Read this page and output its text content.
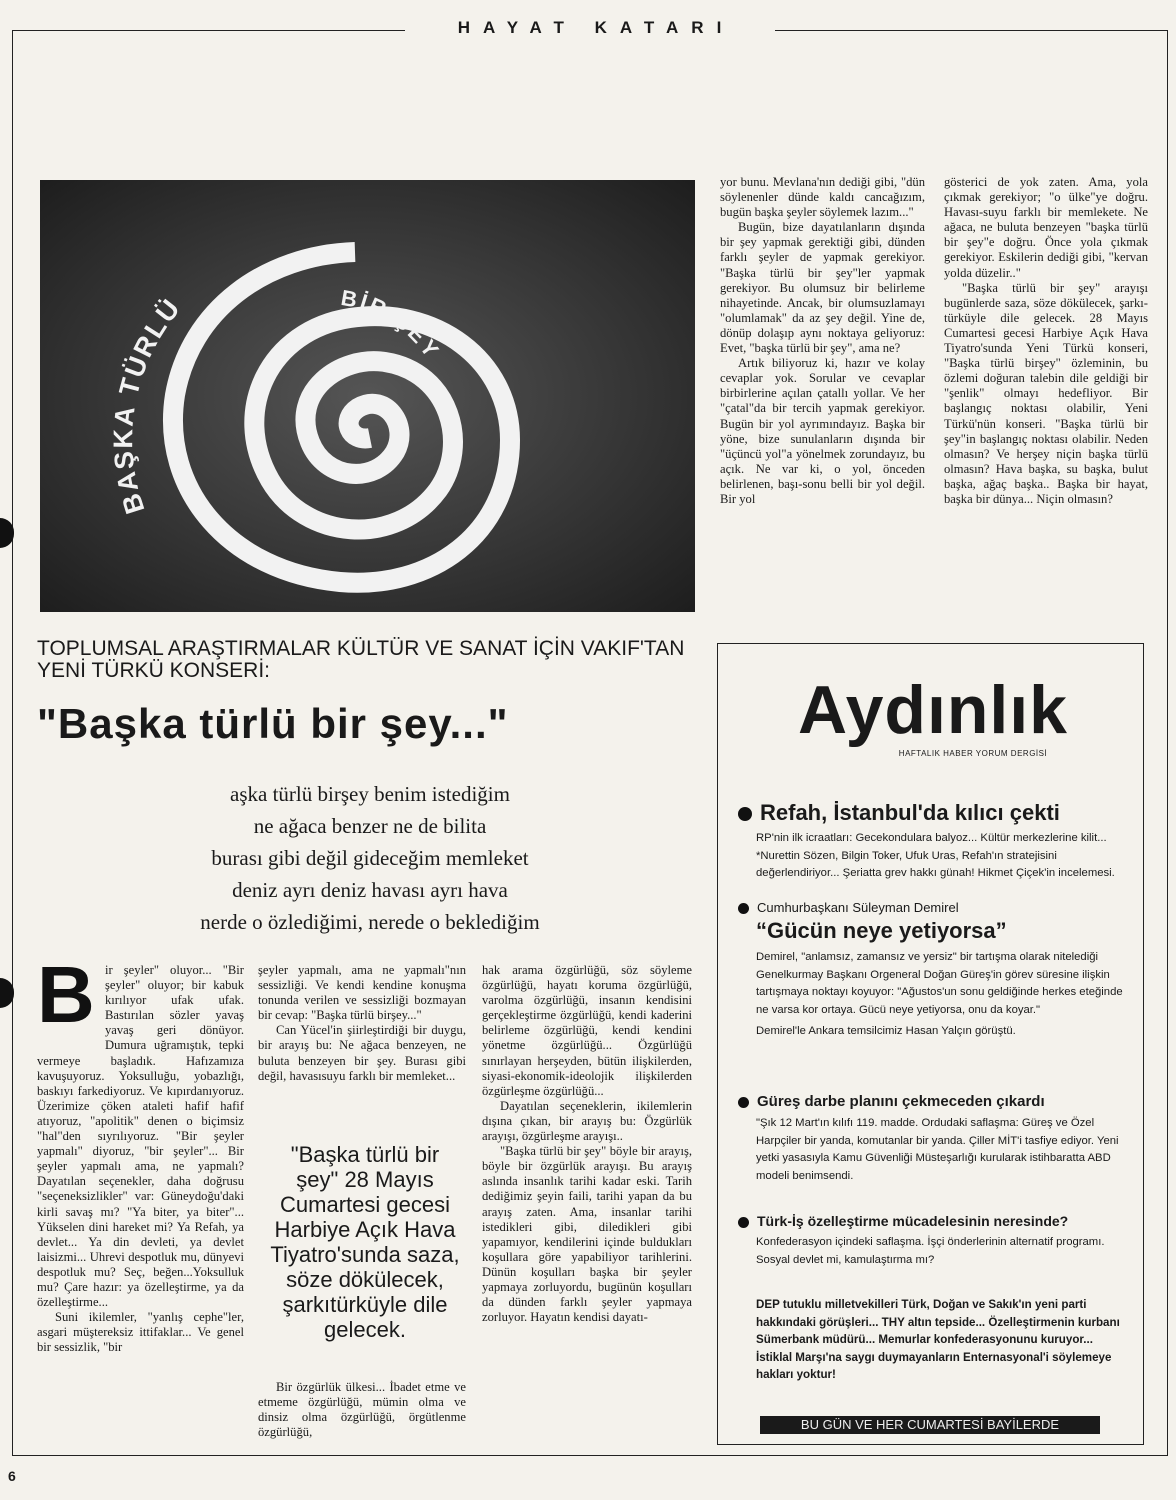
HAYAT KATARI
BAŞKA TÜRLÜ	BİR ŞEY

yor bunu. Mevlana'nın dediği gibi, "dün söylenenler dünde kaldı cancağızım, bugün başka şeyler söylemek lazım..."

Bugün, bize dayatılanların dışında bir şey yapmak gerektiği gibi, dünden farklı şeyler de yapmak gerekiyor. "Başka türlü bir şey"ler yapmak gerekiyor. Bu olumsuz bir belirleme nihayetinde. Ancak, bir olumsuzlamayı "olumlamak" da az şey değil. Yine de, dönüp dolaşıp aynı noktaya geliyoruz: Evet, "başka türlü bir şey", ama ne?

Artık biliyoruz ki, hazır ve kolay cevaplar yok. Sorular ve cevaplar birbirlerine açılan çatallı yollar. Ve her "çatal"da bir tercih yapmak gerekiyor. Bugün bir yol ayrımındayız. Başka bir yöne, bize sunulanların dışında bir "üçüncü yol"a yönelmek zorundayız, bu açık. Ne var ki, o yol, önceden belirlenen, başı-sonu belli bir yol değil. Bir yol

gösterici de yok zaten. Ama, yola çıkmak gerekiyor; "o ülke"ye doğru. Havası-suyu farklı bir memlekete. Ne ağaca, ne buluta benzeyen "başka türlü bir şey"e doğru. Önce yola çıkmak gerekiyor. Eskilerin dediği gibi, "kervan yolda düzelir.."

"Başka türlü bir şey" arayışı bugünlerde saza, söze dökülecek, şarkı-türküyle dile gelecek. 28 Mayıs Cumartesi gecesi Harbiye Açık Hava Tiyatro'sunda Yeni Türkü konseri, "Başka türlü birşey" özleminin, bu özlemi doğuran talebin dile geldiği bir "şenlik" olmayı hedefliyor. Bir başlangıç noktası olabilir, Yeni Türkü'nün konseri. "Başka türlü bir şey"in başlangıç noktası olabilir. Neden olmasın? Ve herşey niçin başka türlü olmasın? Hava başka, su başka, bulut başka, ağaç başka.. Başka bir hayat, başka bir dünya... Niçin olmasın?

TOPLUMSAL ARAŞTIRMALAR KÜLTÜR VE SANAT İÇİN VAKIF'TAN YENİ TÜRKÜ KONSERİ:
"Başka türlü bir şey..."
aşka türlü birşey benim istediğim
ne ağaca benzer ne de bilita
burası gibi değil gideceğim memleket
deniz ayrı deniz havası ayrı hava
nerde o özlediğimi, nerede o beklediğim
B ir şeyler" oluyor... "Bir şeyler" oluyor; bir kabuk kırılıyor ufak ufak. Bastırılan sözler yavaş yavaş geri dönüyor. Dumura uğramıştık, tepki vermeye başladık. Hafızamıza kavuşuyoruz. Yoksulluğu, yobazlığı, baskıyı farkediyoruz. Ve kıpırdanıyoruz. Üzerimize çöken ataleti hafif hafif atıyoruz, "apolitik" denen o biçimsiz "hal"den sıyrılıyoruz. "Bir şeyler yapmalı" diyoruz, "bir şeyler"... Bir şeyler yapmalı ama, ne yapmalı? Dayatılan seçenekler, daha doğrusu "seçeneksizlikler" var: Güneydoğu'daki kirli savaş mı? "Ya biter, ya biter"... Yükselen dini hareket mi? Ya Refah, ya devlet... Ya din devleti, ya devlet laisizmi... Uhrevi despotluk mu, dünyevi despotluk mu? Seç, beğen...Yoksulluk mu? Çare hazır: ya özelleştirme, ya da özelleştirme...

Suni ikilemler, "yanlış cephe"ler, asgari müştereksiz ittifaklar... Ve genel bir sessizlik, "bir

şeyler yapmalı, ama ne yapmalı"nın sessizliği. Ve kendi kendine konuşma tonunda verilen ve sessizliği bozmayan bir cevap: "Başka türlü birşey..."

Can Yücel'in şiirleştirdiği bir duygu, bir arayış bu: Ne ağaca benzeyen, ne buluta benzeyen bir şey. Burası gibi değil, havasısuyu farklı bir memleket...

"Başka türlü bir şey" 28 Mayıs Cumartesi gecesi Harbiye Açık Hava Tiyatro'sunda saza, söze dökülecek, şarkıtürküyle dile gelecek.

Bir özgürlük ülkesi... İbadet etme ve etmeme özgürlüğü, mümin olma ve dinsiz olma özgürlüğü, örgütlenme özgürlüğü,

hak arama özgürlüğü, söz söyleme özgürlüğü, hayatı koruma özgürlüğü, varolma özgürlüğü, insanın kendisini gerçekleştirme özgürlüğü, kendi kaderini belirleme özgürlüğü, kendi kendini yönetme özgürlüğü... Özgürlüğü sınırlayan herşeyden, bütün ilişkilerden, siyasi-ekonomik-ideolojik ilişkilerden özgürleşme özgürlüğü...

Dayatılan seçeneklerin, ikilemlerin dışına çıkan, bir arayış bu: Özgürlük arayışı, özgürleşme arayışı..

"Başka türlü bir şey" böyle bir arayış, böyle bir özgürlük arayışı. Bu arayış aslında insanlık tarihi kadar eski. Tarih dediğimiz şeyin faili, tarihi yapan da bu arayış zaten. Ama, insanlar tarihi istedikleri gibi, diledikleri gibi yapamıyor, kendilerini içinde buldukları koşullara göre yapabiliyor tarihlerini. Dünün koşulları başka bir şeyler yapmaya zorluyordu, bugünün koşulları da dünden farklı şeyler yapmaya zorluyor. Hayatın kendisi dayatı-

Aydınlık
HAFTALIK HABER YORUM DERGİSİ
Refah, İstanbul'da kılıcı çekti
RP'nin ilk icraatları: Gecekondulara balyoz... Kültür merkezlerine kilit... *Nurettin Sözen, Bilgin Toker, Ufuk Uras, Refah'ın stratejisini değerlendiriyor... Şeriatta grev hakkı günah! Hikmet Çiçek'in incelemesi.
Cumhurbaşkanı Süleyman Demirel
“Gücün neye yetiyorsa”
Demirel, "anlamsız, zamansız ve yersiz" bir tartışma olarak nitelediği Genelkurmay Başkanı Orgeneral Doğan Güreş'in görev süresine ilişkin tartışmaya noktayı koyuyor: "Ağustos'un sonu geldiğinde herkes eteğinde ne varsa kor ortaya. Gücü neye yetiyorsa, onu da koyar."
Demirel'le Ankara temsilcimiz Hasan Yalçın görüştü.
Güreş darbe planını çekmeceden çıkardı
"Şık 12 Mart'ın kılıfı 119. madde. Ordudaki saflaşma: Güreş ve Özel Harpçiler bir yanda, komutanlar bir yanda. Çiller MİT'i tasfiye ediyor. Yeni yetki yasasıyla Kamu Güvenliği Müsteşarlığı kurularak istihbaratta ABD modeli benimsendi.
Türk-İş özelleştirme mücadelesinin neresinde?
Konfederasyon içindeki saflaşma. İşçi önderlerinin alternatif programı. Sosyal devlet mi, kamulaştırma mı?
DEP tutuklu milletvekilleri Türk, Doğan ve Sakık'ın yeni parti hakkındaki görüşleri... THY altın tepside... Özelleştirmenin kurbanı Sümerbank müdürü... Memurlar konfederasyonunu kuruyor... İstiklal Marşı'na saygı duymayanların Enternasyonal'i söylemeye hakları yoktur!
BU GÜN VE HER CUMARTESİ BAYİLERDE
6
